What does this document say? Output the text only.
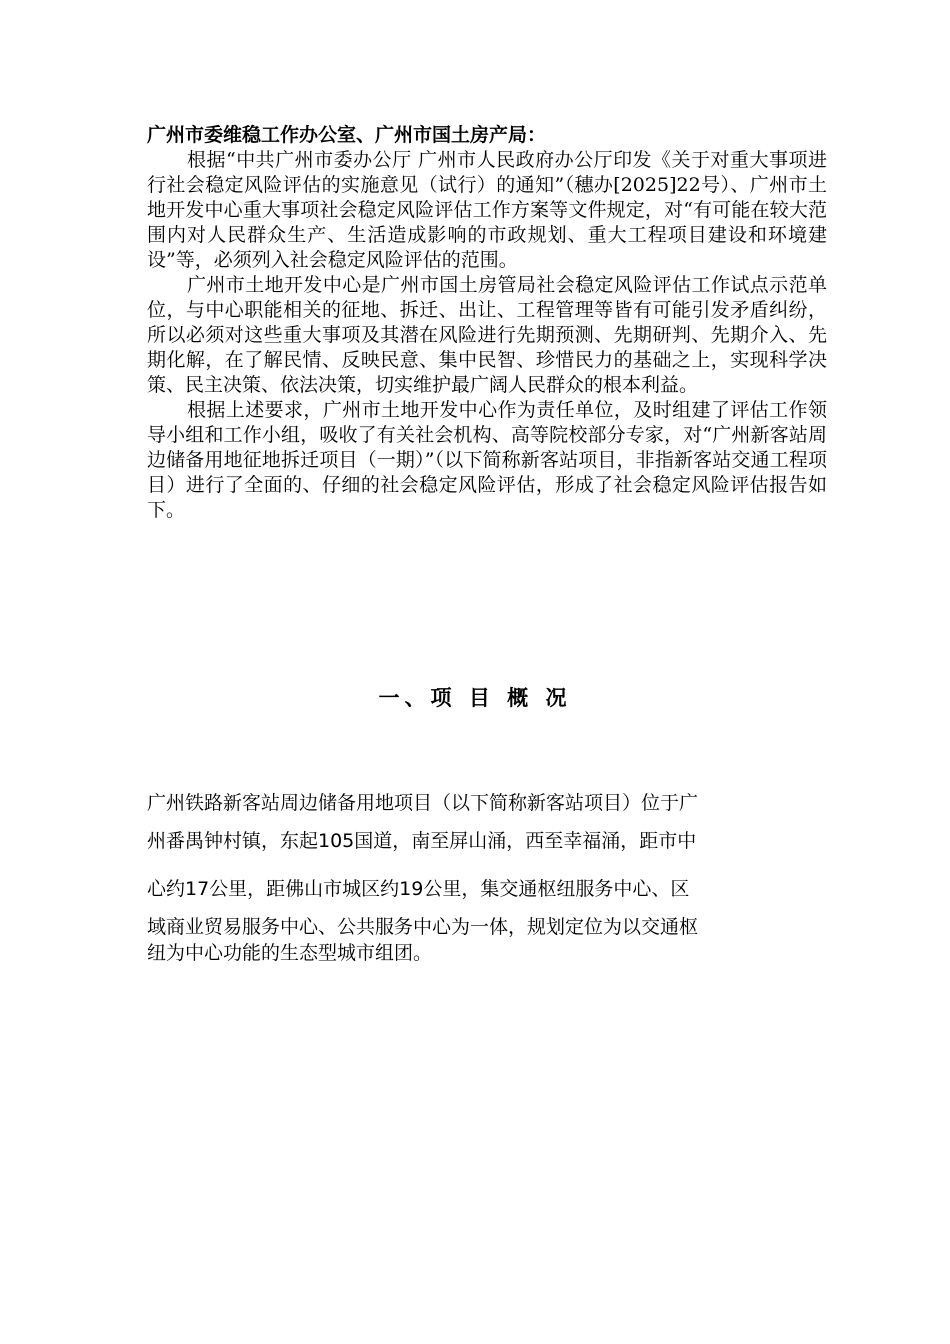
广州市委维稳工作办公室、广州市国土房产局：

根据“中共广州市委办公厅 广州市人民政府办公厅印发《关于对重大事项进行社会稳定风险评估的实施意见（试行）的通知”（穗办[2025]22号）、广州市土地开发中心重大事项社会稳定风险评估工作方案等文件规定，对“有可能在较大范围内对人民群众生产、生活造成影响的市政规划、重大工程项目建设和环境建设”等，必须列入社会稳定风险评估的范围。

广州市土地开发中心是广州市国土房管局社会稳定风险评估工作试点示范单位，与中心职能相关的征地、拆迁、出让、工程管理等皆有可能引发矛盾纠纷，所以必须对这些重大事项及其潜在风险进行先期预测、先期研判、先期介入、先期化解，在了解民情、反映民意、集中民智、珍惜民力的基础之上，实现科学决策、民主决策、依法决策，切实维护最广阔人民群众的根本利益。

根据上述要求，广州市土地开发中心作为责任单位，及时组建了评估工作领导小组和工作小组，吸收了有关社会机构、高等院校部分专家，对“广州新客站周边储备用地征地拆迁项目（一期）”（以下简称新客站项目，非指新客站交通工程项目）进行了全面的、仔细的社会稳定风险评估，形成了社会稳定风险评估报告如下。

一、项 目 概 况

广州铁路新客站周边储备用地项目（以下简称新客站项目）位于广

州番禺钟村镇，东起105国道，南至屏山涌，西至幸福涌，距市中

心约17公里，距佛山市城区约19公里，集交通枢纽服务中心、区

域商业贸易服务中心、公共服务中心为一体，规划定位为以交通枢

纽为中心功能的生态型城市组团。
